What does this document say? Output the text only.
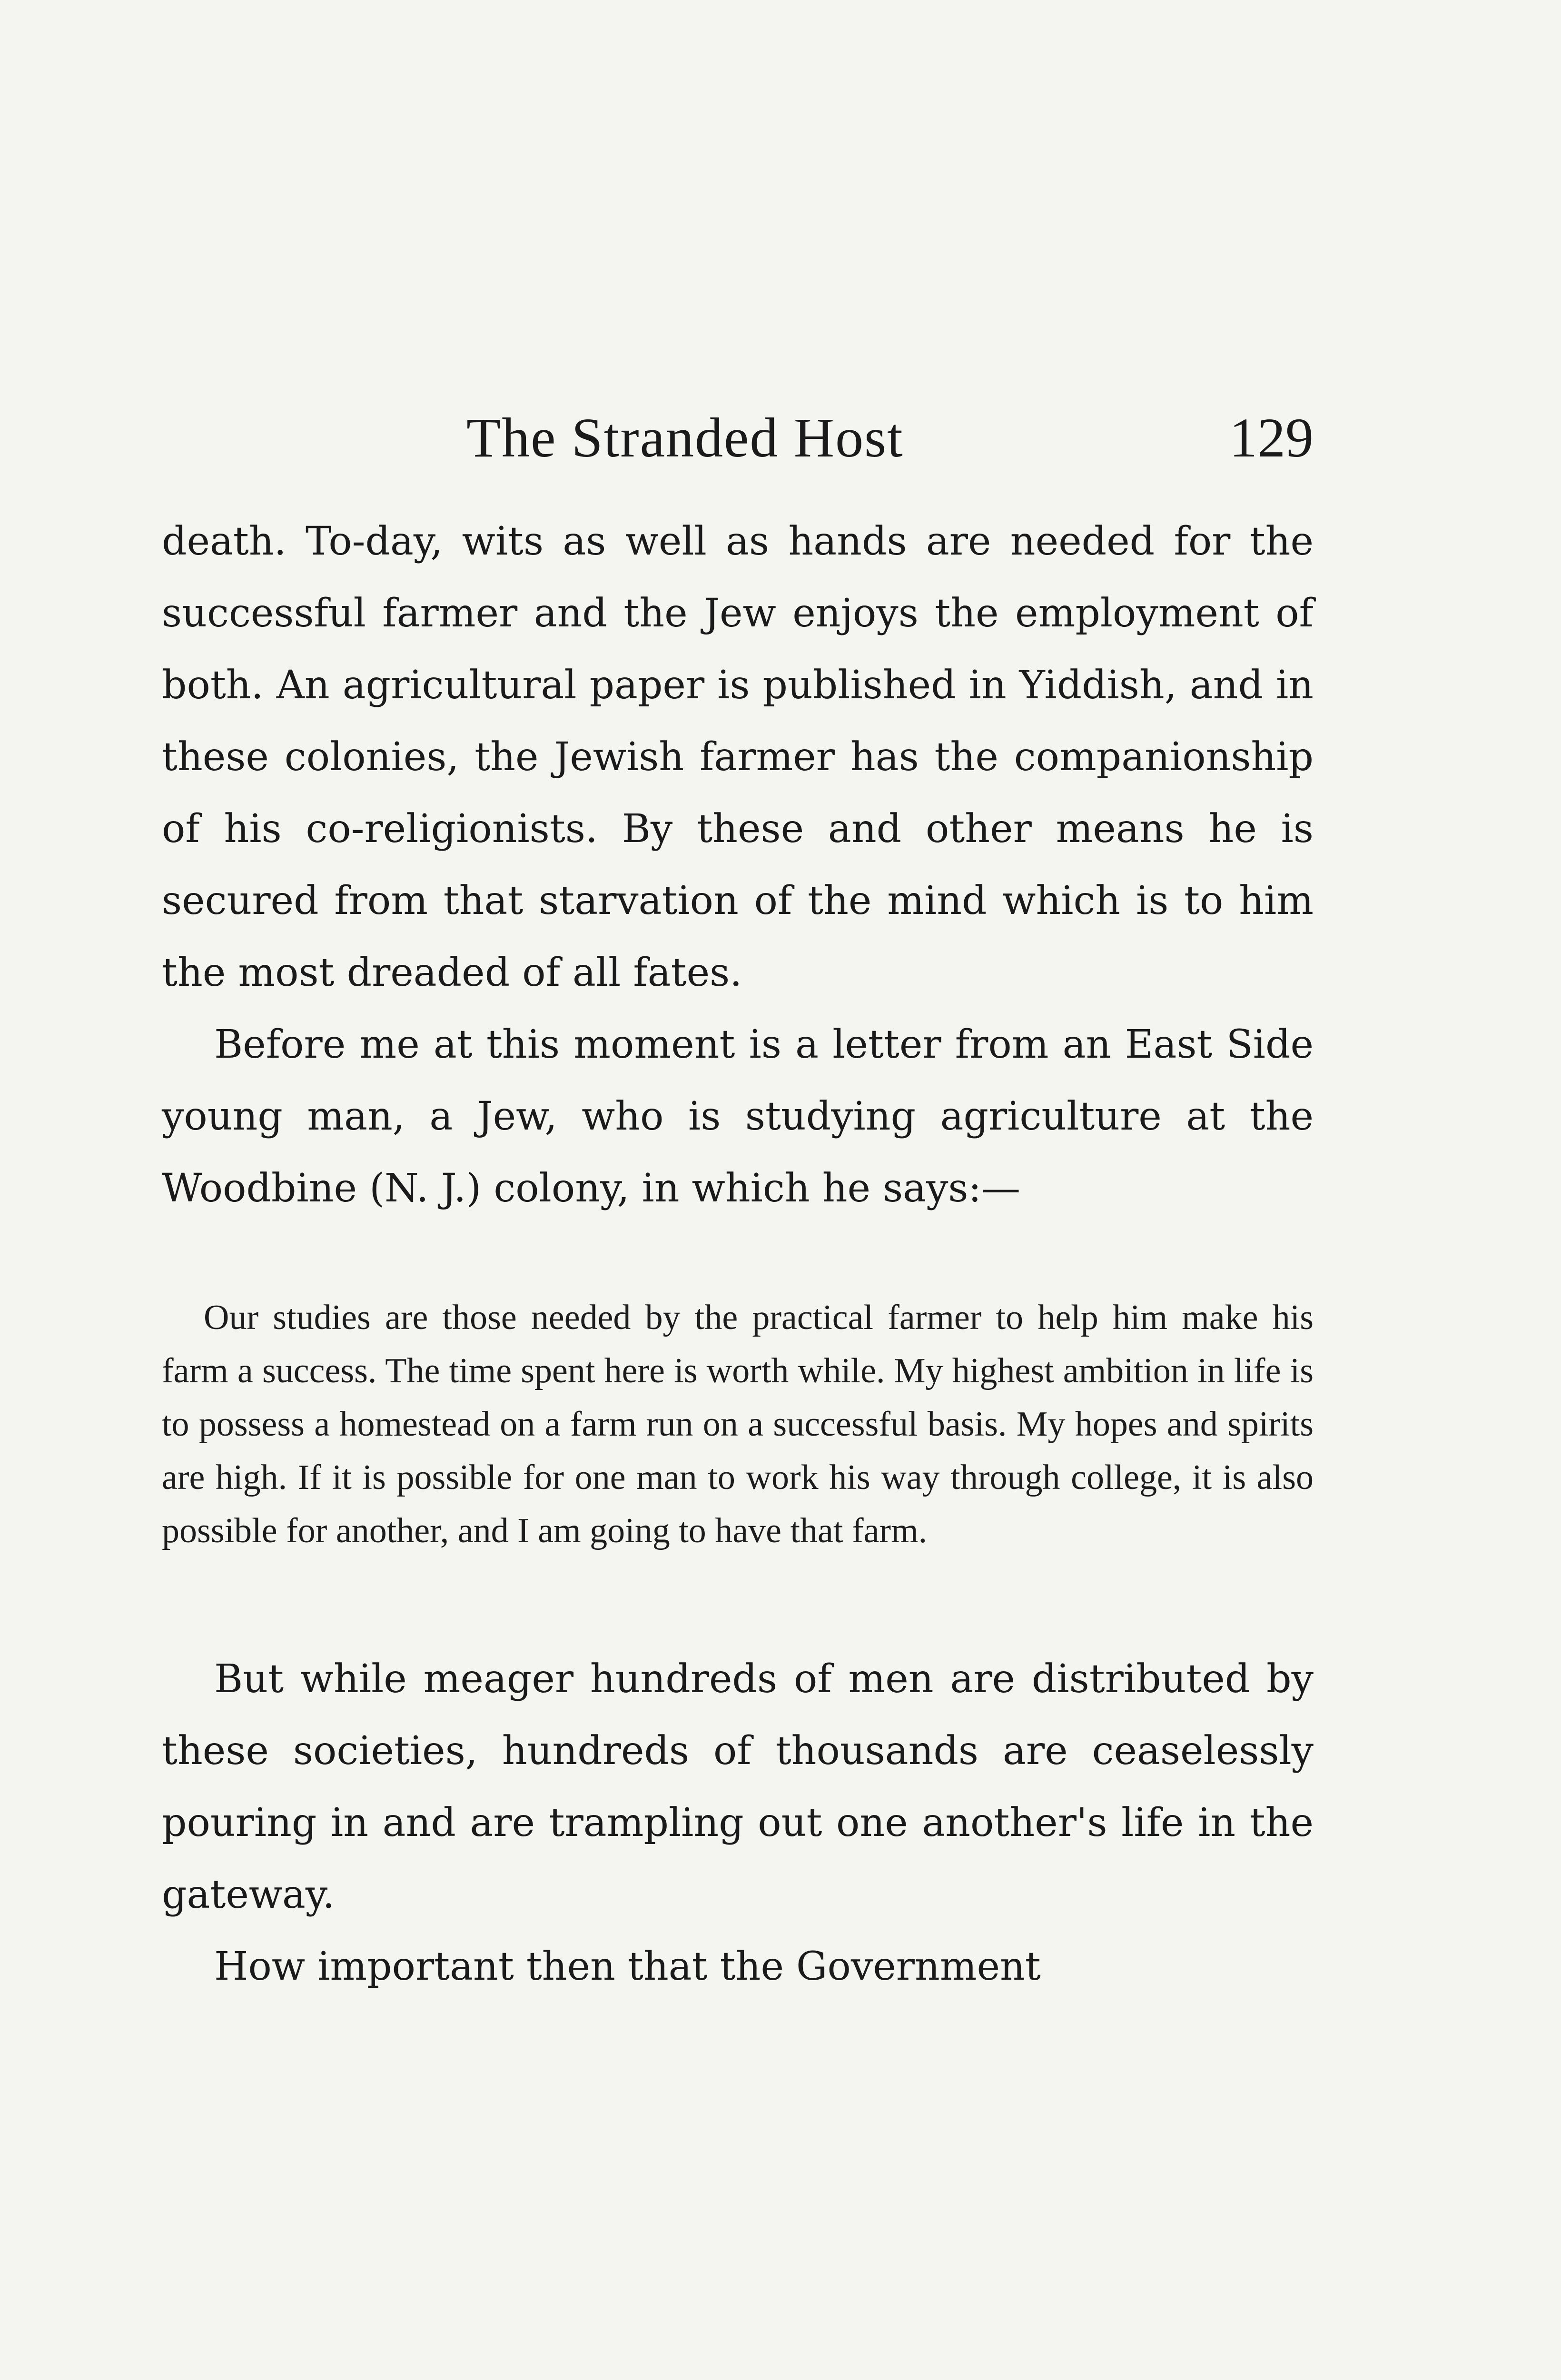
The Stranded Host	129

death. To-day, wits as well as hands are needed for the successful farmer and the Jew enjoys the employment of both. An agricultural paper is published in Yiddish, and in these colonies, the Jewish farmer has the companionship of his co-religionists. By these and other means he is secured from that starvation of the mind which is to him the most dreaded of all fates.

Before me at this moment is a letter from an East Side young man, a Jew, who is studying agriculture at the Woodbine (N. J.) colony, in which he says:—

Our studies are those needed by the practical farmer to help him make his farm a success. The time spent here is worth while. My highest ambition in life is to possess a homestead on a farm run on a successful basis. My hopes and spirits are high. If it is possible for one man to work his way through college, it is also possible for another, and I am going to have that farm.

But while meager hundreds of men are distributed by these societies, hundreds of thousands are ceaselessly pouring in and are trampling out one another's life in the gateway.

How important then that the Government
